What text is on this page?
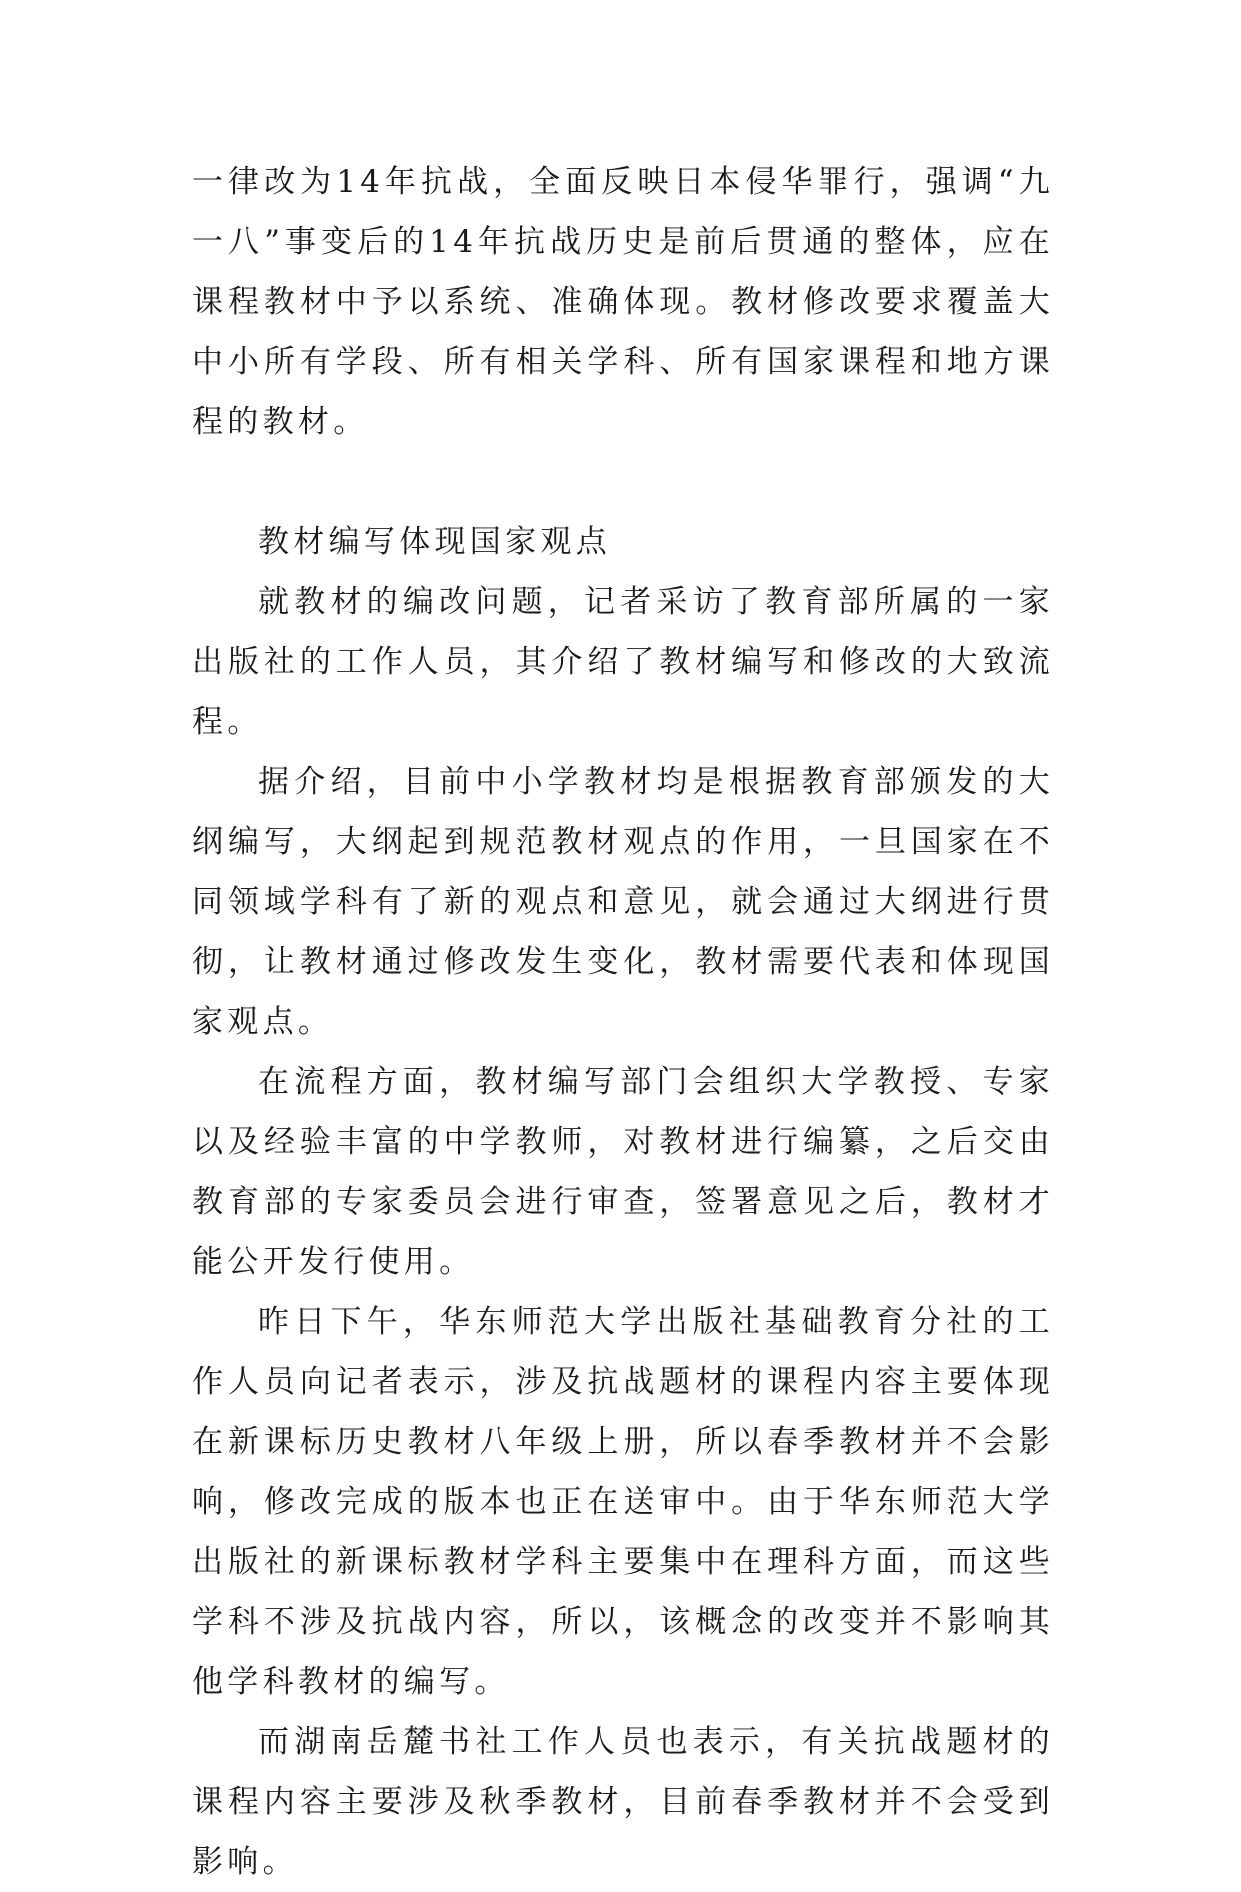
一律改为14年抗战，全面反映日本侵华罪行，强调“九一八”事变后的14年抗战历史是前后贯通的整体，应在课程教材中予以系统、准确体现。教材修改要求覆盖大中小所有学段、所有相关学科、所有国家课程和地方课程的教材。

教材编写体现国家观点

就教材的编改问题，记者采访了教育部所属的一家出版社的工作人员，其介绍了教材编写和修改的大致流程。

据介绍，目前中小学教材均是根据教育部颁发的大纲编写，大纲起到规范教材观点的作用，一旦国家在不同领域学科有了新的观点和意见，就会通过大纲进行贯彻，让教材通过修改发生变化，教材需要代表和体现国家观点。

在流程方面，教材编写部门会组织大学教授、专家以及经验丰富的中学教师，对教材进行编纂，之后交由教育部的专家委员会进行审查，签署意见之后，教材才能公开发行使用。

昨日下午，华东师范大学出版社基础教育分社的工作人员向记者表示，涉及抗战题材的课程内容主要体现在新课标历史教材八年级上册，所以春季教材并不会影响，修改完成的版本也正在送审中。由于华东师范大学出版社的新课标教材学科主要集中在理科方面，而这些学科不涉及抗战内容，所以，该概念的改变并不影响其他学科教材的编写。

而湖南岳麓书社工作人员也表示，有关抗战题材的课程内容主要涉及秋季教材，目前春季教材并不会受到影响。
